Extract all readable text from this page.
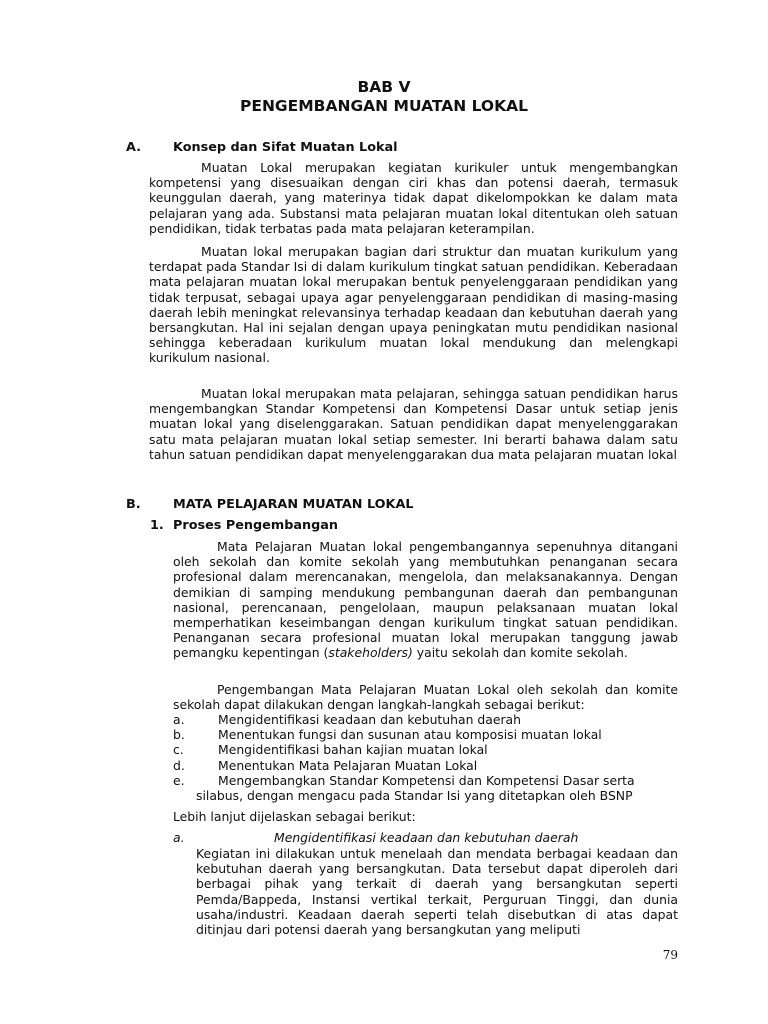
BAB V
PENGEMBANGAN MUATAN LOKAL
A. Konsep dan Sifat Muatan Lokal

Muatan Lokal merupakan kegiatan kurikuler untuk mengembangkan kompetensi yang disesuaikan dengan ciri khas dan potensi daerah, termasuk keunggulan daerah, yang materinya tidak dapat dikelompokkan ke dalam mata pelajaran yang ada. Substansi mata pelajaran muatan lokal ditentukan oleh satuan pendidikan, tidak terbatas pada mata pelajaran keterampilan.

Muatan lokal merupakan bagian dari struktur dan muatan kurikulum yang terdapat pada Standar Isi di dalam kurikulum tingkat satuan pendidikan. Keberadaan mata pelajaran muatan lokal merupakan bentuk penyelenggaraan pendidikan yang tidak terpusat, sebagai upaya agar penyelenggaraan pendidikan di masing-masing daerah lebih meningkat relevansinya terhadap keadaan dan kebutuhan daerah yang bersangkutan. Hal ini sejalan dengan upaya peningkatan mutu pendidikan nasional sehingga keberadaan kurikulum muatan lokal mendukung dan melengkapi kurikulum nasional.

Muatan lokal merupakan mata pelajaran, sehingga satuan pendidikan harus mengembangkan Standar Kompetensi dan Kompetensi Dasar untuk setiap jenis muatan lokal yang diselenggarakan. Satuan pendidikan dapat menyelenggarakan satu mata pelajaran muatan lokal setiap semester. Ini berarti bahawa dalam satu tahun satuan pendidikan dapat menyelenggarakan dua mata pelajaran muatan lokal

B.	MATA PELAJARAN MUATAN LOKAL
1. Proses Pengembangan

Mata Pelajaran Muatan lokal pengembangannya sepenuhnya ditangani oleh sekolah dan komite sekolah yang membutuhkan penanganan secara profesional dalam merencanakan, mengelola, dan melaksanakannya. Dengan demikian di samping mendukung pembangunan daerah dan pembangunan nasional, perencanaan, pengelolaan, maupun pelaksanaan muatan lokal memperhatikan keseimbangan dengan kurikulum tingkat satuan pendidikan. Penanganan secara profesional muatan lokal merupakan tanggung jawab pemangku kepentingan (stakeholders) yaitu sekolah dan komite sekolah.

Pengembangan Mata Pelajaran Muatan Lokal oleh sekolah dan komite sekolah dapat dilakukan dengan langkah-langkah sebagai berikut:

a.	Mengidentifikasi keadaan dan kebutuhan daerah
b.	Menentukan fungsi dan susunan atau komposisi muatan lokal
c.	Mengidentifikasi bahan kajian muatan lokal
d.	Menentukan Mata Pelajaran Muatan Lokal
e.	Mengembangkan Standar Kompetensi dan Kompetensi Dasar serta
silabus, dengan mengacu pada Standar Isi yang ditetapkan oleh BSNP

Lebih lanjut dijelaskan sebagai berikut:

a.	Mengidentifikasi keadaan dan kebutuhan daerah

Kegiatan ini dilakukan untuk menelaah dan mendata berbagai keadaan dan kebutuhan daerah yang bersangkutan. Data tersebut dapat diperoleh dari berbagai pihak yang terkait di daerah yang bersangkutan seperti Pemda/Bappeda, Instansi vertikal terkait, Perguruan Tinggi, dan dunia usaha/industri. Keadaan daerah seperti telah disebutkan di atas dapat ditinjau dari potensi daerah yang bersangkutan yang meliputi

79
